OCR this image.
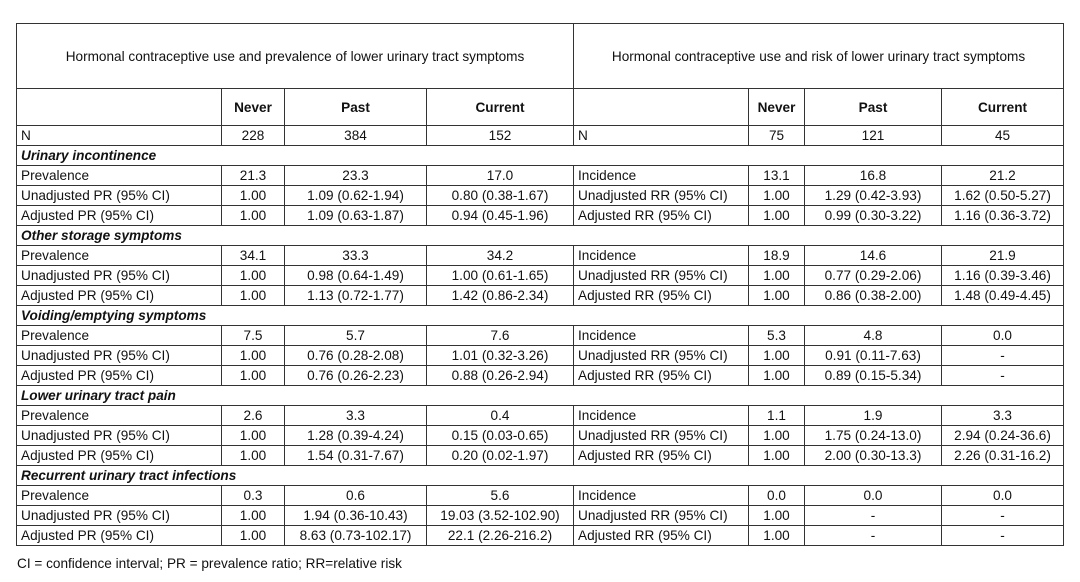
Hormonal contraceptive use and prevalence of lower urinary tract symptoms				Hormonal contraceptive use and risk of lower urinary tract symptoms			
	Never	Past	Current		Never	Past	Current
N	228	384	152	N	75	121	45
Urinary incontinence							
Prevalence	21.3	23.3	17.0	Incidence	13.1	16.8	21.2
Unadjusted PR (95% CI)	1.00	1.09 (0.62-1.94)	0.80 (0.38-1.67)	Unadjusted RR (95% CI)	1.00	1.29 (0.42-3.93)	1.62 (0.50-5.27)
Adjusted PR (95% CI)	1.00	1.09 (0.63-1.87)	0.94 (0.45-1.96)	Adjusted RR (95% CI)	1.00	0.99 (0.30-3.22)	1.16 (0.36-3.72)
Other storage symptoms							
Prevalence	34.1	33.3	34.2	Incidence	18.9	14.6	21.9
Unadjusted PR (95% CI)	1.00	0.98 (0.64-1.49)	1.00 (0.61-1.65)	Unadjusted RR (95% CI)	1.00	0.77 (0.29-2.06)	1.16 (0.39-3.46)
Adjusted PR (95% CI)	1.00	1.13 (0.72-1.77)	1.42 (0.86-2.34)	Adjusted RR (95% CI)	1.00	0.86 (0.38-2.00)	1.48 (0.49-4.45)
Voiding/emptying symptoms							
Prevalence	7.5	5.7	7.6	Incidence	5.3	4.8	0.0
Unadjusted PR (95% CI)	1.00	0.76 (0.28-2.08)	1.01 (0.32-3.26)	Unadjusted RR (95% CI)	1.00	0.91 (0.11-7.63)	-
Adjusted PR (95% CI)	1.00	0.76 (0.26-2.23)	0.88 (0.26-2.94)	Adjusted RR (95% CI)	1.00	0.89 (0.15-5.34)	-
Lower urinary tract pain							
Prevalence	2.6	3.3	0.4	Incidence	1.1	1.9	3.3
Unadjusted PR (95% CI)	1.00	1.28 (0.39-4.24)	0.15 (0.03-0.65)	Unadjusted RR (95% CI)	1.00	1.75 (0.24-13.0)	2.94 (0.24-36.6)
Adjusted PR (95% CI)	1.00	1.54 (0.31-7.67)	0.20 (0.02-1.97)	Adjusted RR (95% CI)	1.00	2.00 (0.30-13.3)	2.26 (0.31-16.2)
Recurrent urinary tract infections							
Prevalence	0.3	0.6	5.6	Incidence	0.0	0.0	0.0
Unadjusted PR (95% CI)	1.00	1.94 (0.36-10.43)	19.03 (3.52-102.90)	Unadjusted RR (95% CI)	1.00	-	-
Adjusted PR (95% CI)	1.00	8.63 (0.73-102.17)	22.1 (2.26-216.2)	Adjusted RR (95% CI)	1.00	-	-
CI = confidence interval; PR = prevalence ratio; RR=relative risk
